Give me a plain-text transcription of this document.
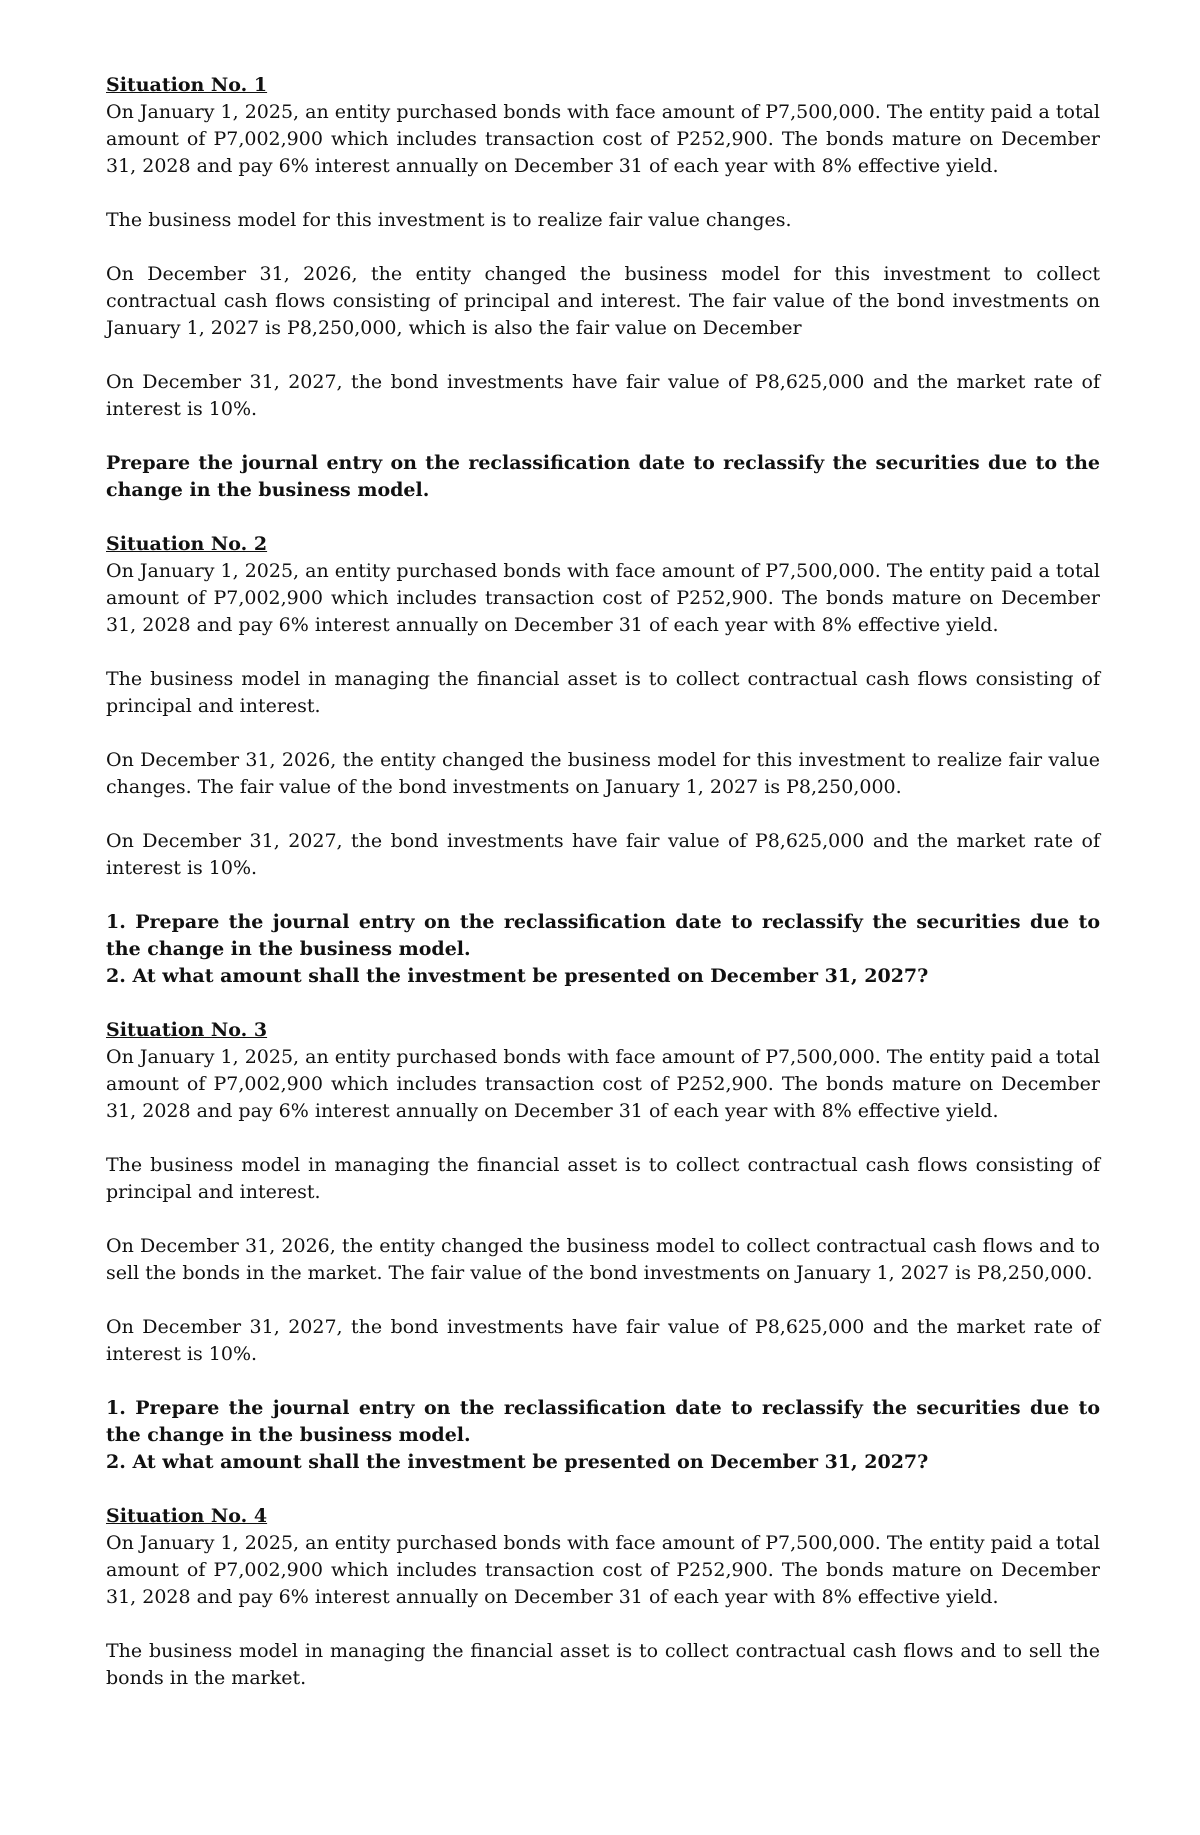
Situation No. 1

On January 1, 2025, an entity purchased bonds with face amount of P7,500,000. The entity paid a total amount of P7,002,900 which includes transaction cost of P252,900. The bonds mature on December 31, 2028 and pay 6% interest annually on December 31 of each year with 8% effective yield.

The business model for this investment is to realize fair value changes.

On December 31, 2026, the entity changed the business model for this investment to collect contractual cash flows consisting of principal and interest. The fair value of the bond investments on January 1, 2027 is P8,250,000, which is also the fair value on December

On December 31, 2027, the bond investments have fair value of P8,625,000 and the market rate of interest is 10%.

Prepare the journal entry on the reclassification date to reclassify the securities due to the change in the business model.

Situation No. 2

On January 1, 2025, an entity purchased bonds with face amount of P7,500,000. The entity paid a total amount of P7,002,900 which includes transaction cost of P252,900. The bonds mature on December 31, 2028 and pay 6% interest annually on December 31 of each year with 8% effective yield.

The business model in managing the financial asset is to collect contractual cash flows consisting of principal and interest.

On December 31, 2026, the entity changed the business model for this investment to realize fair value changes. The fair value of the bond investments on January 1, 2027 is P8,250,000.

On December 31, 2027, the bond investments have fair value of P8,625,000 and the market rate of interest is 10%.

1. Prepare the journal entry on the reclassification date to reclassify the securities due to the change in the business model.

2. At what amount shall the investment be presented on December 31, 2027?

Situation No. 3

On January 1, 2025, an entity purchased bonds with face amount of P7,500,000. The entity paid a total amount of P7,002,900 which includes transaction cost of P252,900. The bonds mature on December 31, 2028 and pay 6% interest annually on December 31 of each year with 8% effective yield.

The business model in managing the financial asset is to collect contractual cash flows consisting of principal and interest.

On December 31, 2026, the entity changed the business model to collect contractual cash flows and to sell the bonds in the market. The fair value of the bond investments on January 1, 2027 is P8,250,000.

On December 31, 2027, the bond investments have fair value of P8,625,000 and the market rate of interest is 10%.

1. Prepare the journal entry on the reclassification date to reclassify the securities due to the change in the business model.

2. At what amount shall the investment be presented on December 31, 2027?

Situation No. 4

On January 1, 2025, an entity purchased bonds with face amount of P7,500,000. The entity paid a total amount of P7,002,900 which includes transaction cost of P252,900. The bonds mature on December 31, 2028 and pay 6% interest annually on December 31 of each year with 8% effective yield.

The business model in managing the financial asset is to collect contractual cash flows and to sell the bonds in the market.
